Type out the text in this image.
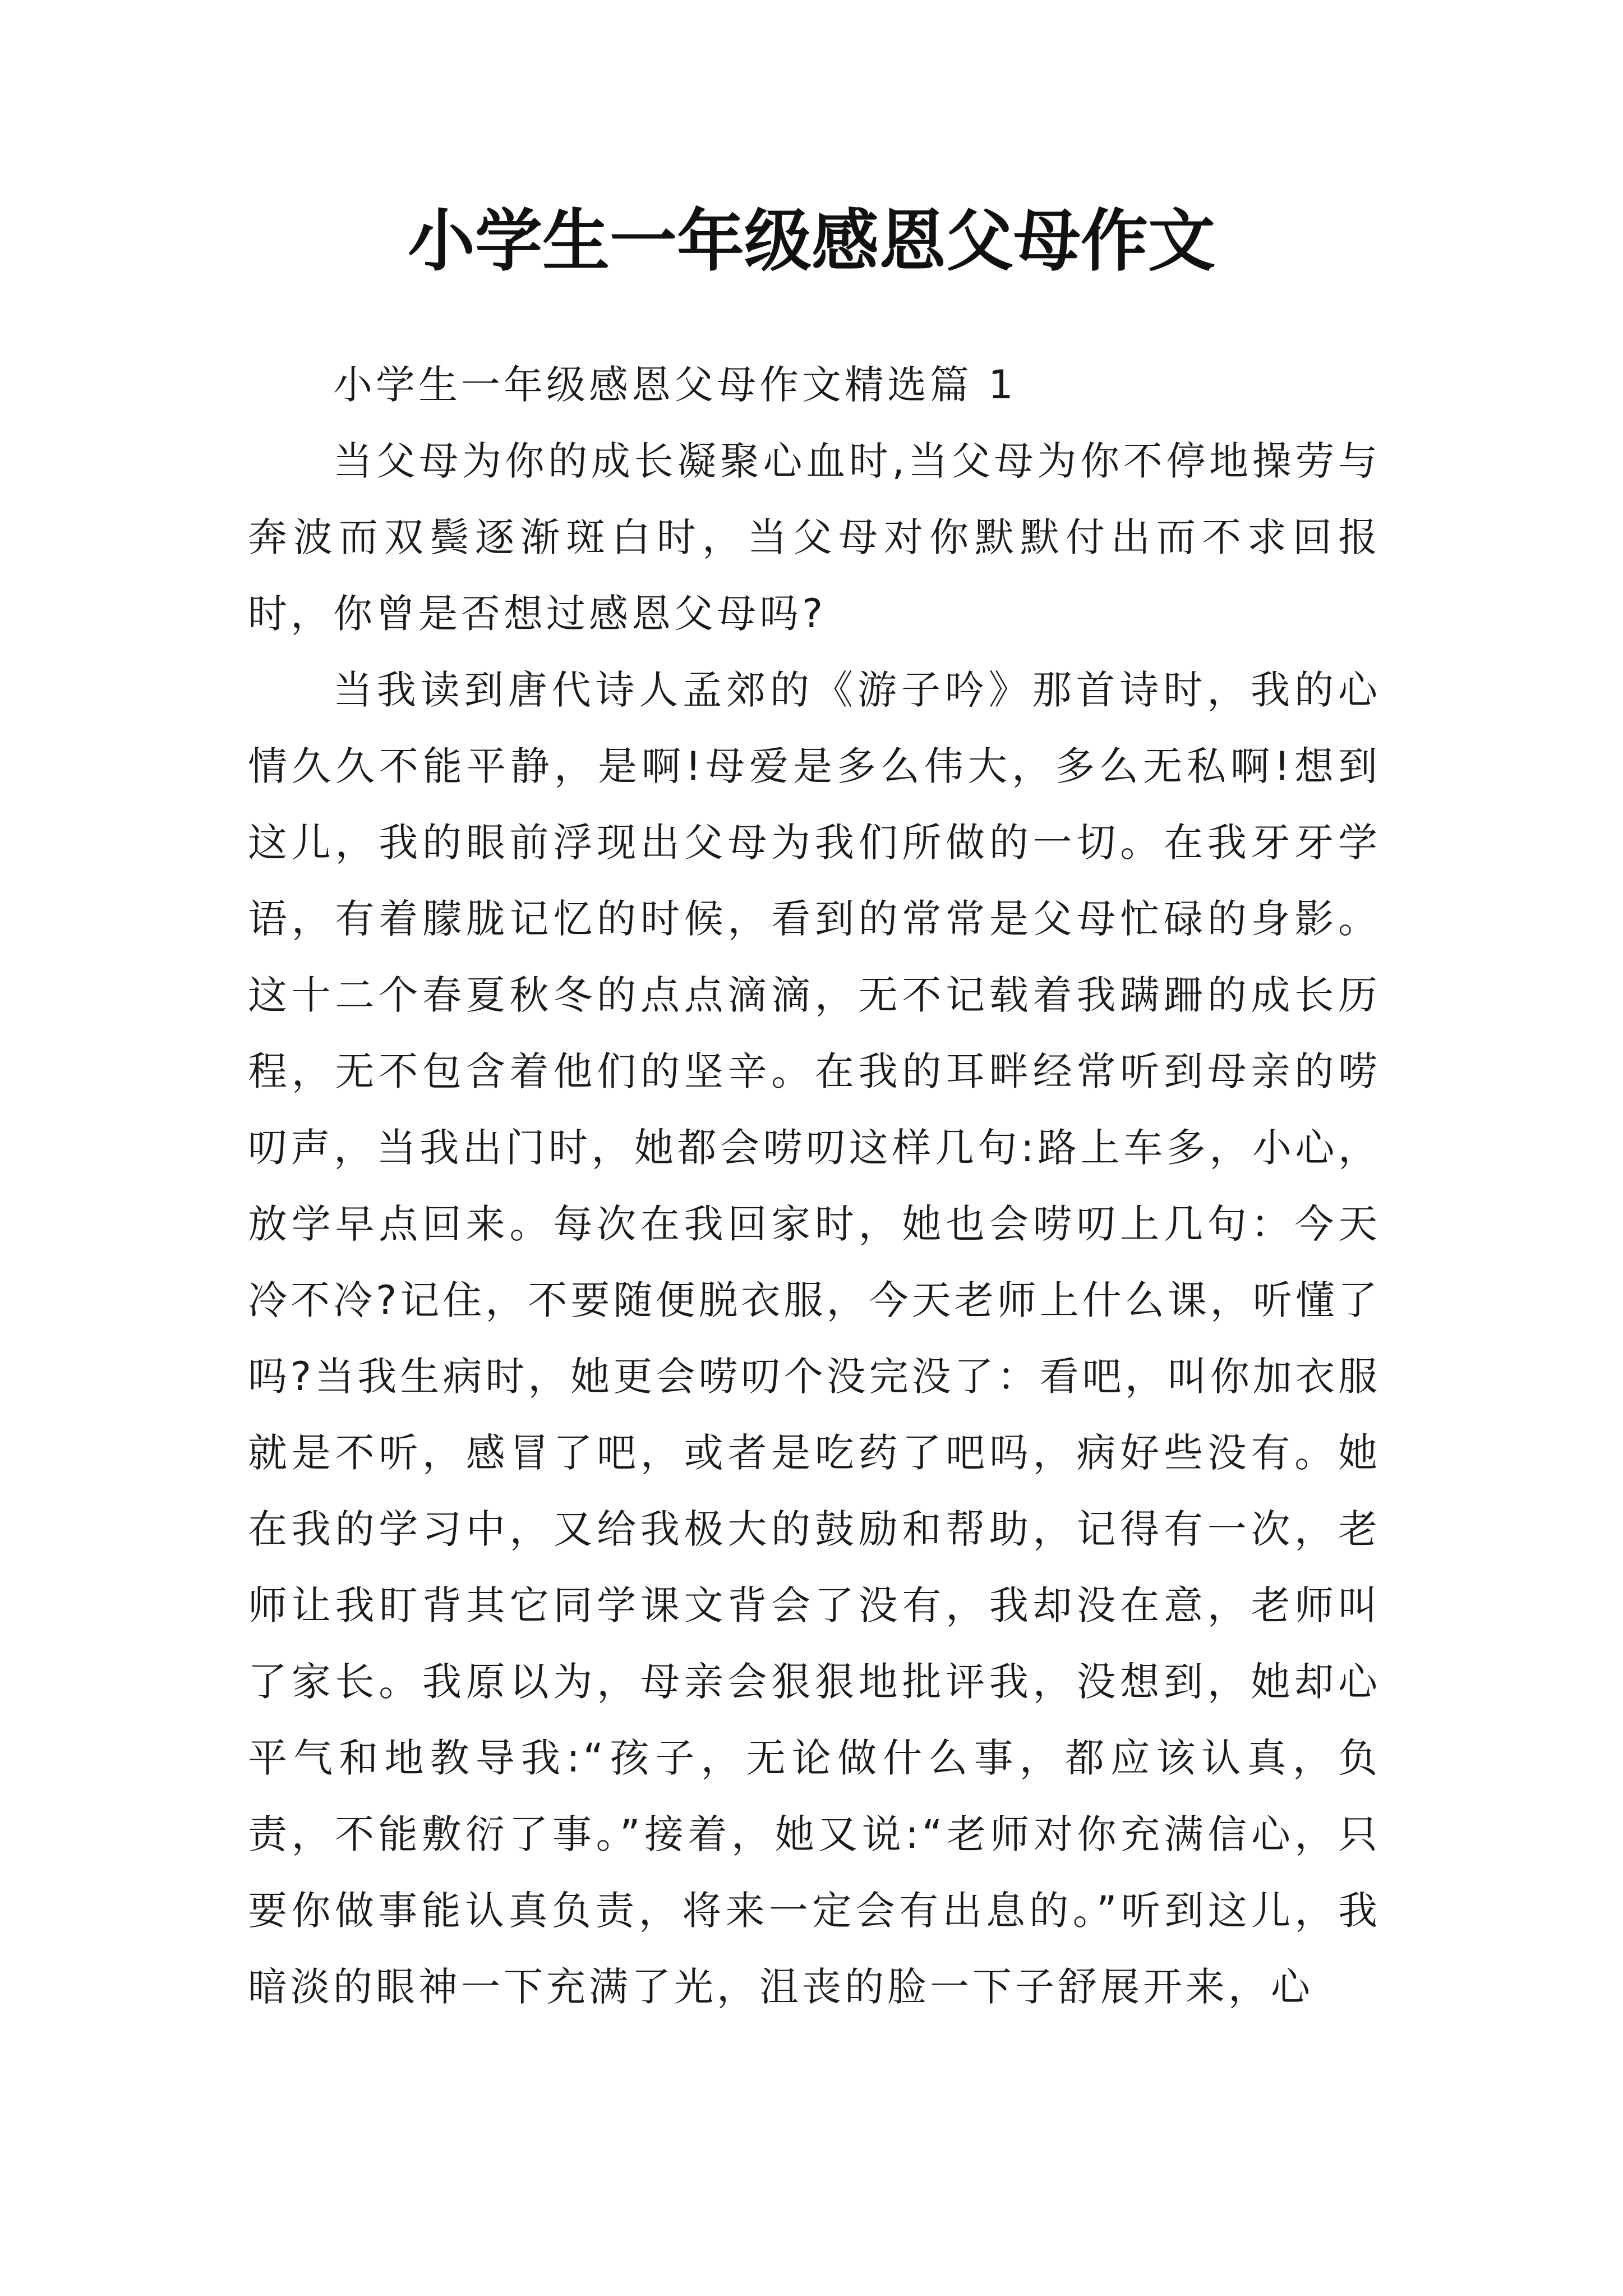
小学生一年级感恩父母作文

小学生一年级感恩父母作文精选篇 1

当父母为你的成长凝聚心血时,当父母为你不停地操劳与奔波而双鬓逐渐斑白时，当父母对你默默付出而不求回报时，你曾是否想过感恩父母吗?

当我读到唐代诗人孟郊的《游子吟》那首诗时，我的心情久久不能平静，是啊!母爱是多么伟大，多么无私啊!想到这儿，我的眼前浮现出父母为我们所做的一切。在我牙牙学语，有着朦胧记忆的时候，看到的常常是父母忙碌的身影。这十二个春夏秋冬的点点滴滴，无不记载着我蹒跚的成长历程，无不包含着他们的坚辛。在我的耳畔经常听到母亲的唠叨声，当我出门时，她都会唠叨这样几句:路上车多，小心，放学早点回来。每次在我回家时，她也会唠叨上几句：今天冷不冷?记住，不要随便脱衣服，今天老师上什么课，听懂了吗?当我生病时，她更会唠叨个没完没了：看吧，叫你加衣服就是不听，感冒了吧，或者是吃药了吧吗，病好些没有。她在我的学习中，又给我极大的鼓励和帮助，记得有一次，老师让我盯背其它同学课文背会了没有，我却没在意，老师叫了家长。我原以为，母亲会狠狠地批评我，没想到，她却心平气和地教导我:“孩子，无论做什么事，都应该认真，负责，不能敷衍了事。”接着，她又说:“老师对你充满信心，只要你做事能认真负责，将来一定会有出息的。”听到这儿，我暗淡的眼神一下充满了光，沮丧的脸一下子舒展开来，心
